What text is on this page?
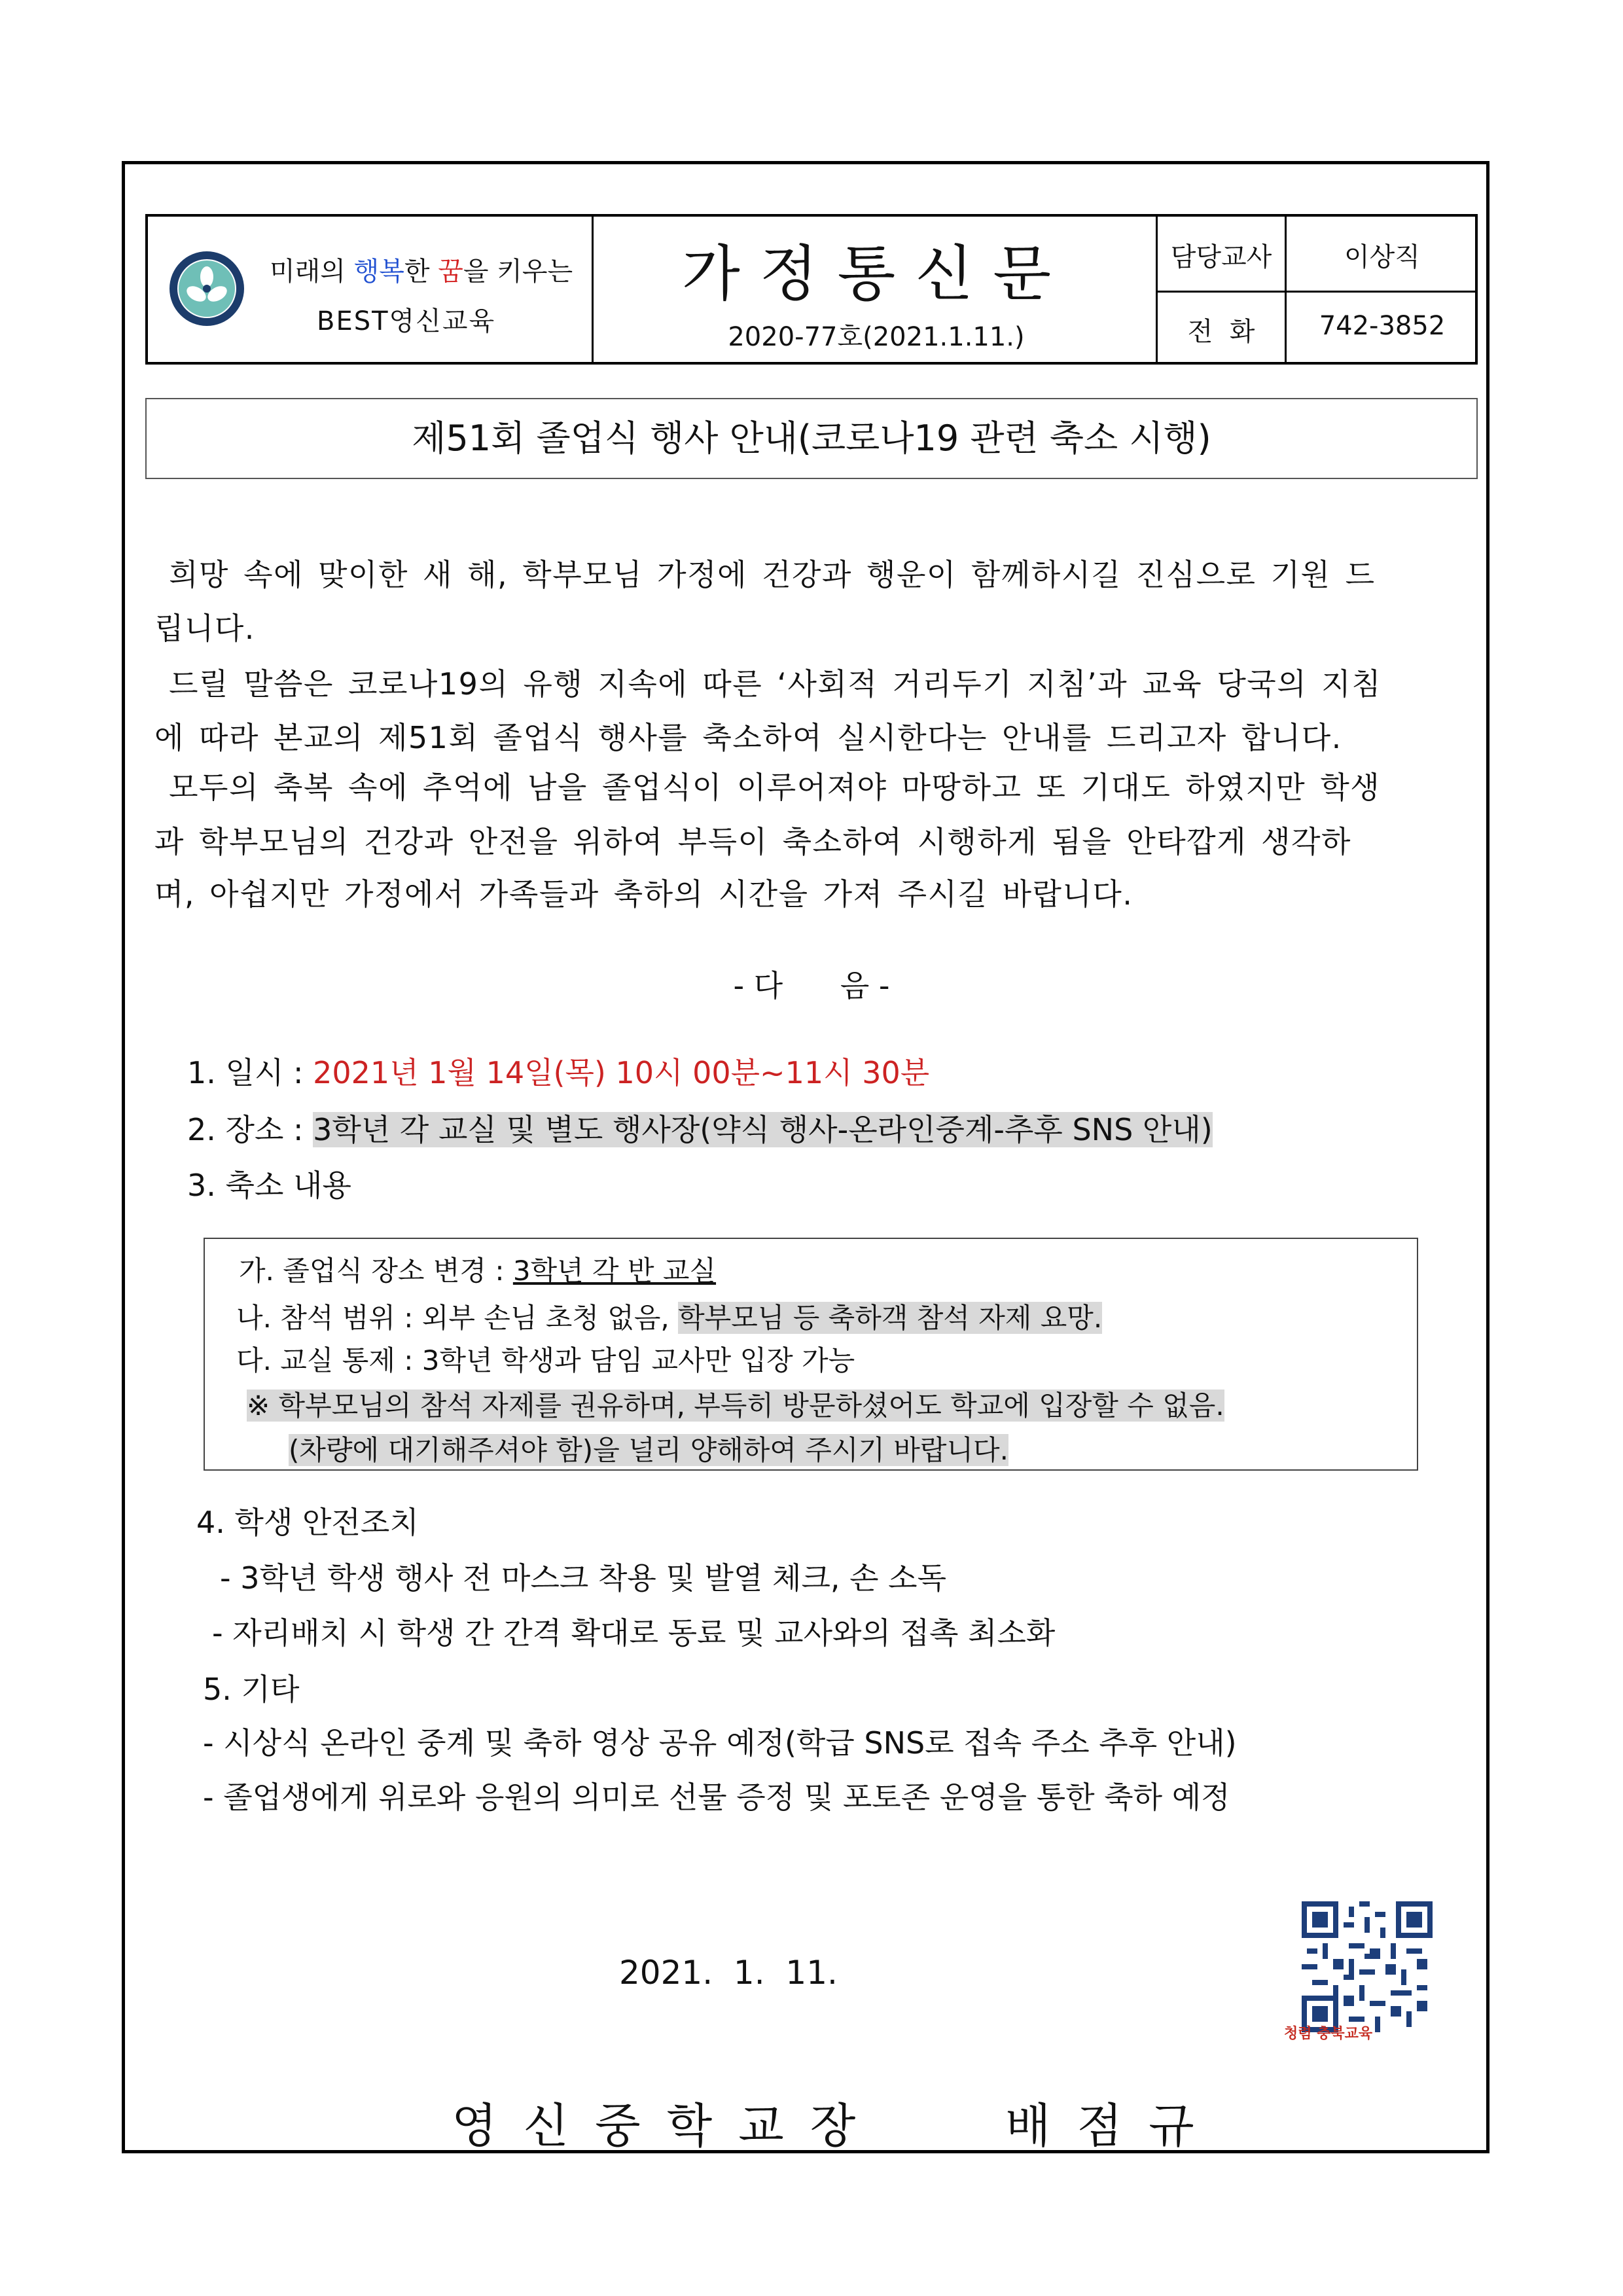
미래의 행복한 꿈을 키우는
BEST영신교육
가정통신문
2020-77호(2021.1.11.)
담당교사	이상직
전  화	742-3852
제51회 졸업식 행사 안내(코로나19 관련 축소 시행)
희망 속에 맞이한 새 해, 학부모님 가정에 건강과 행운이 함께하시길 진심으로 기원 드
립니다.
드릴 말씀은 코로나19의 유행 지속에 따른 ‘사회적 거리두기 지침’과 교육 당국의 지침
에 따라 본교의 제51회 졸업식 행사를 축소하여 실시한다는 안내를 드리고자 합니다.
모두의 축복 속에 추억에 남을 졸업식이 이루어져야 마땅하고 또 기대도 하였지만 학생
과 학부모님의 건강과 안전을 위하여 부득이 축소하여 시행하게 됨을 안타깝게 생각하
며, 아쉽지만 가정에서 가족들과 축하의 시간을 가져 주시길 바랍니다.
- 다      음 -
1. 일시 : 2021년 1월 14일(목) 10시 00분~11시 30분
2. 장소 : 3학년 각 교실 및 별도 행사장(약식 행사-온라인중계-추후 SNS 안내)
3. 축소 내용
가. 졸업식 장소 변경 : 3학년 각 반 교실
나. 참석 범위 : 외부 손님 초청 없음, 학부모님 등 축하객 참석 자제 요망.
다. 교실 통제 : 3학년 학생과 담임 교사만 입장 가능
※ 학부모님의 참석 자제를 권유하며, 부득히 방문하셨어도 학교에 입장할 수 없음.
(차량에 대기해주셔야 함)을 널리 양해하여 주시기 바랍니다.
4. 학생 안전조치
- 3학년 학생 행사 전 마스크 착용 및 발열 체크, 손 소독
- 자리배치 시 학생 간 간격 확대로 동료 및 교사와의 접촉 최소화
5. 기타
- 시상식 온라인 중계 및 축하 영상 공유 예정(학급 SNS로 접속 주소 추후 안내)
- 졸업생에게 위로와 응원의 의미로 선물 증정 및 포토존 운영을 통한 축하 예정
청렴 충북교육
2021.  1.  11.
영신중학교장   배점규
